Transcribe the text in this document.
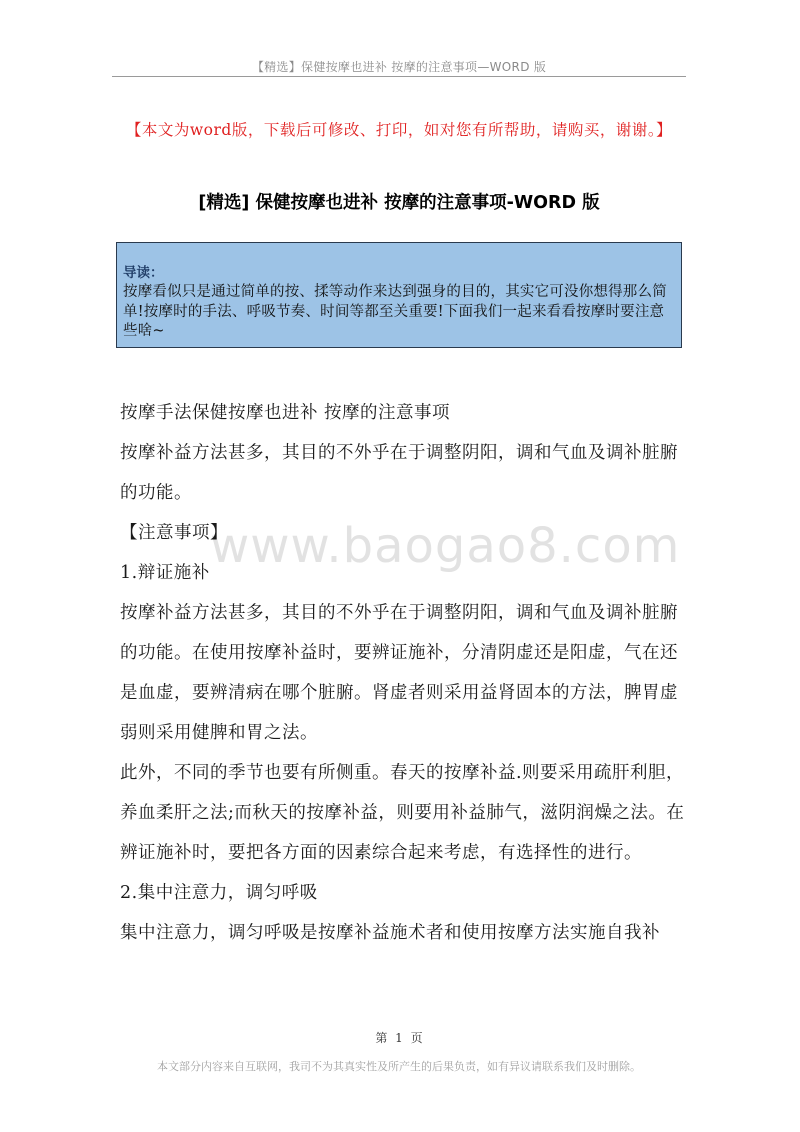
【精选】保健按摩也进补 按摩的注意事项—WORD 版
【本文为word版，下载后可修改、打印，如对您有所帮助，请购买，谢谢。】
[精选] 保健按摩也进补 按摩的注意事项-WORD 版
导读：
按摩看似只是通过简单的按、揉等动作来达到强身的目的，其实它可没你想得那么简单!按摩时的手法、呼吸节奏、时间等都至关重要!下面我们一起来看看按摩时要注意些啥~
www.baogao8.com

按摩手法保健按摩也进补 按摩的注意事项

按摩补益方法甚多，其目的不外乎在于调整阴阳，调和气血及调补脏腑的功能。

【注意事项】

1.辩证施补

按摩补益方法甚多，其目的不外乎在于调整阴阳，调和气血及调补脏腑的功能。在使用按摩补益时，要辨证施补，分清阴虚还是阳虚，气在还是血虚，要辨清病在哪个脏腑。肾虚者则采用益肾固本的方法，脾胃虚弱则采用健脾和胃之法。

此外，不同的季节也要有所侧重。春天的按摩补益.则要采用疏肝利胆，养血柔肝之法;而秋天的按摩补益，则要用补益肺气，滋阴润燥之法。在辨证施补时，要把各方面的因素综合起来考虑，有选择性的进行。

2.集中注意力，调匀呼吸

集中注意力，调匀呼吸是按摩补益施术者和使用按摩方法实施自我补

第 1 页
本文部分内容来自互联网，我司不为其真实性及所产生的后果负责，如有异议请联系我们及时删除。
